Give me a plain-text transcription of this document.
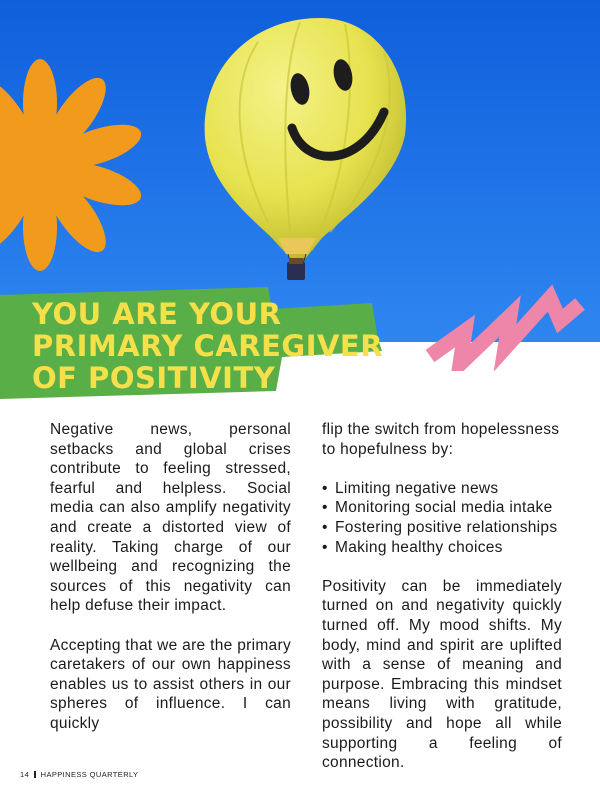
YOU ARE YOUR
PRIMARY CAREGIVER
OF POSITIVITY

Negative news, personal setbacks and global crises contribute to feeling stressed, fearful and helpless. Social media can also amplify negativity and create a distorted view of reality. Taking charge of our wellbeing and recognizing the sources of this negativity can help defuse their impact.

Accepting that we are the primary caretakers of our own happiness enables us to assist others in our spheres of influence. I can quickly

flip the switch from hopelessness to hopefulness by:

• Limiting negative news
• Monitoring social media intake
• Fostering positive relationships
• Making healthy choices

Positivity can be immediately turned on and negativity quickly turned off. My mood shifts. My body, mind and spirit are uplifted with a sense of meaning and purpose. Embracing this mindset means living with gratitude, possibility and hope all while supporting a feeling of connection.

14 HAPPINESS QUARTERLY
